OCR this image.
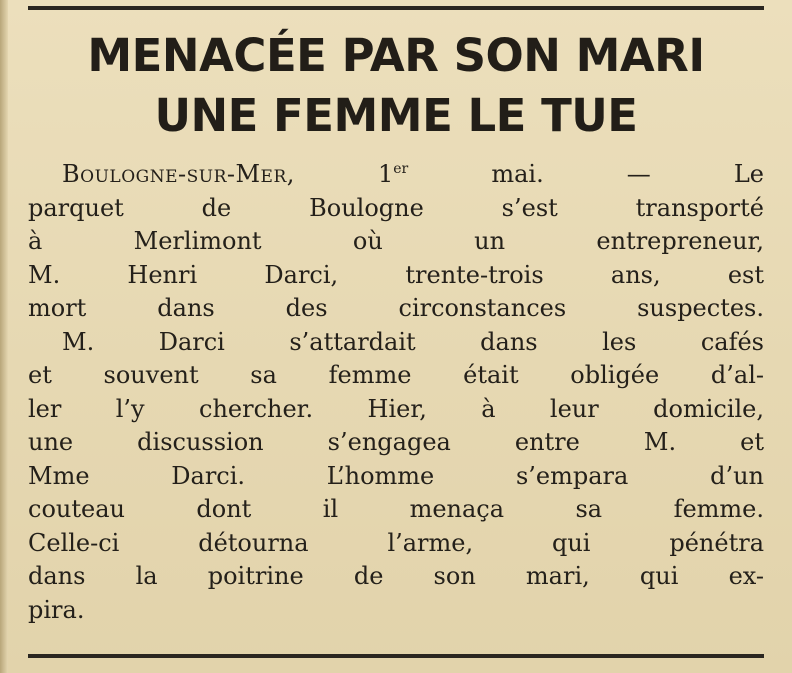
MENACÉE PAR SON MARI
UNE FEMME LE TUE
Boulogne-sur-Mer,	1er	mai. — Le
parquet de Boulogne s’est transporté
à Merlimont où un entrepreneur,
M. Henri Darci, trente-trois ans, est
mort dans des circonstances suspectes.
M. Darci s’attardait dans les cafés
et souvent sa femme était obligée d’al-
ler l’y chercher. Hier, à leur domicile,
une discussion s’engagea entre M. et
Mme Darci. L’homme s’empara d’un
couteau dont il menaça sa femme.
Celle-ci détourna l’arme, qui pénétra
dans la poitrine de son mari, qui ex-
pira.
